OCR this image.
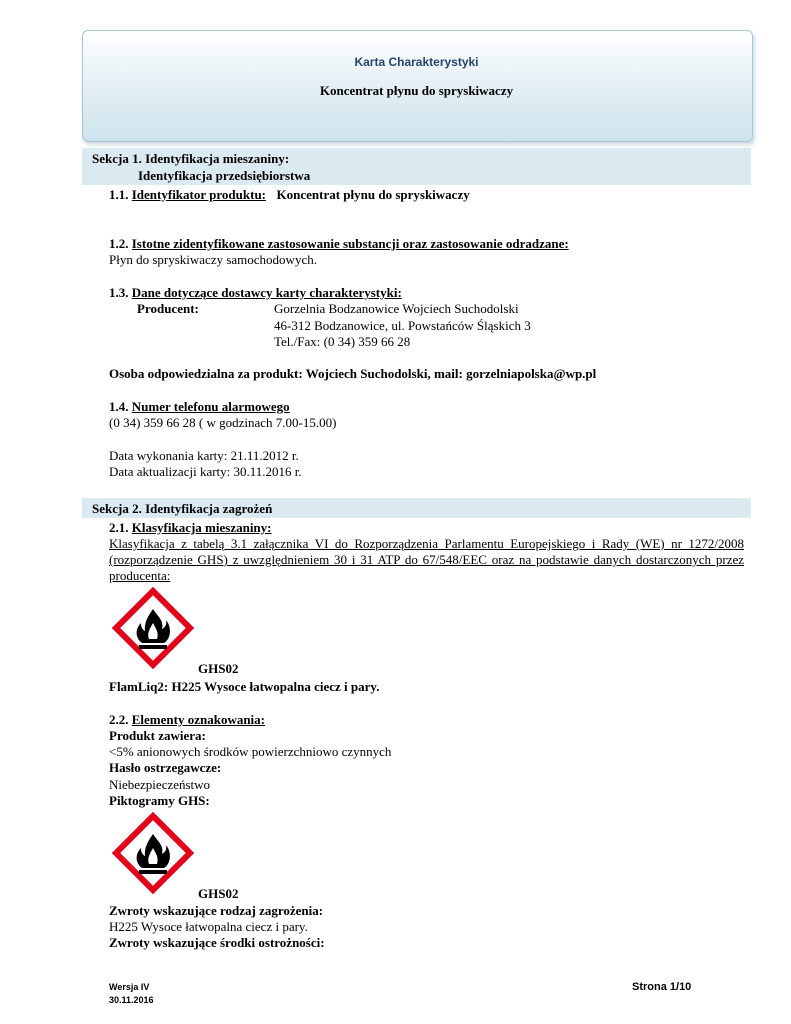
Karta Charakterystyki
Koncentrat płynu do spryskiwaczy
Sekcja 1. Identyfikacja mieszaniny:
Identyfikacja przedsiębiorstwa
1.1. Identyfikator produktu: Koncentrat płynu do spryskiwaczy
1.2. Istotne zidentyfikowane zastosowanie substancji oraz zastosowanie odradzane:
Płyn do spryskiwaczy samochodowych.
1.3. Dane dotyczące dostawcy karty charakterystyki:
Producent:	Gorzelnia Bodzanowice Wojciech Suchodolski
46-312 Bodzanowice, ul. Powstańców Śląskich 3
Tel./Fax: (0 34) 359 66 28
Osoba odpowiedzialna za produkt: Wojciech Suchodolski, mail: gorzelniapolska@wp.pl
1.4. Numer telefonu alarmowego
(0 34) 359 66 28 ( w godzinach 7.00-15.00)
Data wykonania karty: 21.11.2012 r.
Data aktualizacji karty: 30.11.2016 r.
Sekcja 2. Identyfikacja zagrożeń
2.1. Klasyfikacja mieszaniny:
Klasyfikacja z tabelą 3.1 załącznika VI do Rozporządzenia Parlamentu Europejskiego i Rady (WE) nr 1272/2008 (rozporządzenie GHS) z uwzględnieniem 30 i 31 ATP do 67/548/EEC oraz na podstawie danych dostarczonych przez producenta:
GHS02
FlamLiq2: H225 Wysoce łatwopalna ciecz i pary.
2.2. Elementy oznakowania:
Produkt zawiera:
<5% anionowych środków powierzchniowo czynnych
Hasło ostrzegawcze:
Niebezpieczeństwo
Piktogramy GHS:
GHS02
Zwroty wskazujące rodzaj zagrożenia:
H225 Wysoce łatwopalna ciecz i pary.
Zwroty wskazujące środki ostrożności:
Wersja IV
30.11.2016
Strona 1/10
